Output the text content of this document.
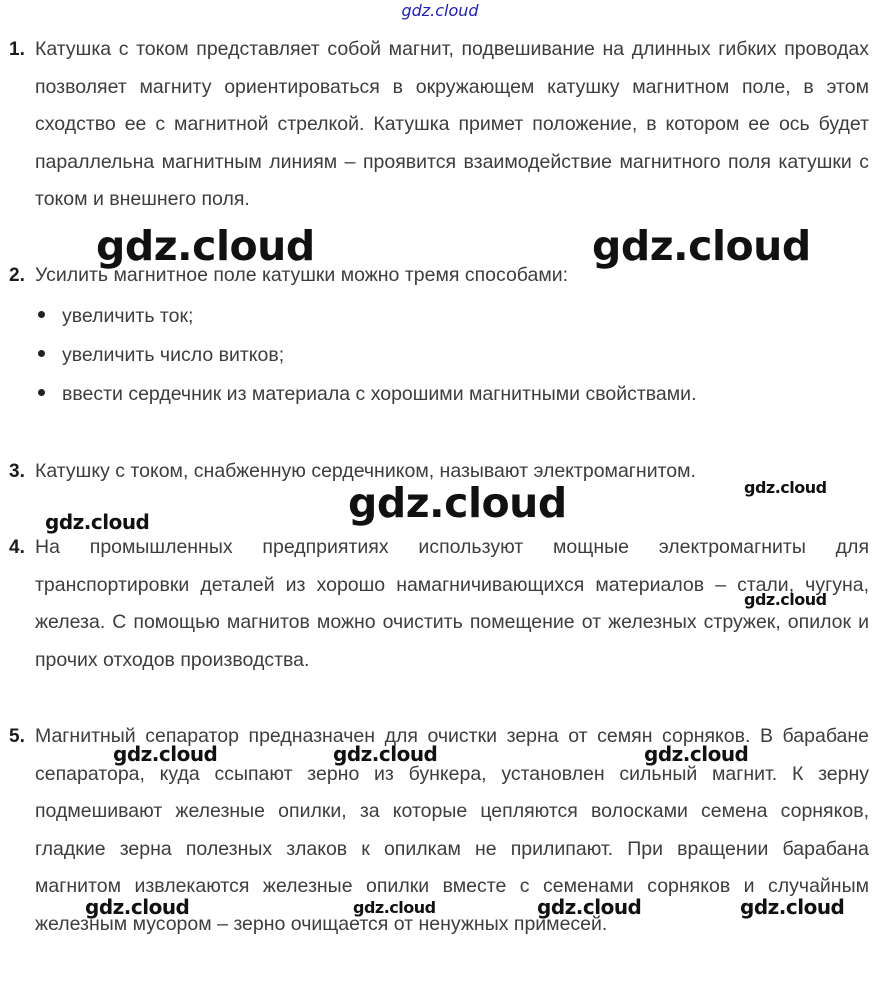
gdz.cloud
1. Катушка с током представляет собой магнит, подвешивание на длинных гибких проводах позволяет магниту ориентироваться в окружающем катушку магнитном поле, в этом сходство ее с магнитной стрелкой. Катушка примет положение, в котором ее ось будет параллельна магнитным линиям – проявится взаимодействие магнитного поля катушки с током и внешнего поля.
2. Усилить магнитное поле катушки можно тремя способами:
увеличить ток;
увеличить число витков;
ввести сердечник из материала с хорошими магнитными свойствами.
3. Катушку с током, снабженную сердечником, называют электромагнитом.
4. На промышленных предприятиях используют мощные электромагниты для транспортировки деталей из хорошо намагничивающихся материалов – стали, чугуна, железа. С помощью магнитов можно очистить помещение от железных стружек, опилок и прочих отходов производства.
5. Магнитный сепаратор предназначен для очистки зерна от семян сорняков. В барабане сепаратора, куда ссыпают зерно из бункера, установлен сильный магнит. К зерну подмешивают железные опилки, за которые цепляются волосками семена сорняков, гладкие зерна полезных злаков к опилкам не прилипают. При вращении барабана магнитом извлекаются железные опилки вместе с семенами сорняков и случайным железным мусором – зерно очищается от ненужных примесей.
gdz.cloud	gdz.cloud
gdz.cloud	gdz.cloud
gdz.cloud
gdz.cloud
gdz.cloud	gdz.cloud	gdz.cloud
gdz.cloud	gdz.cloud	gdz.cloud	gdz.cloud
